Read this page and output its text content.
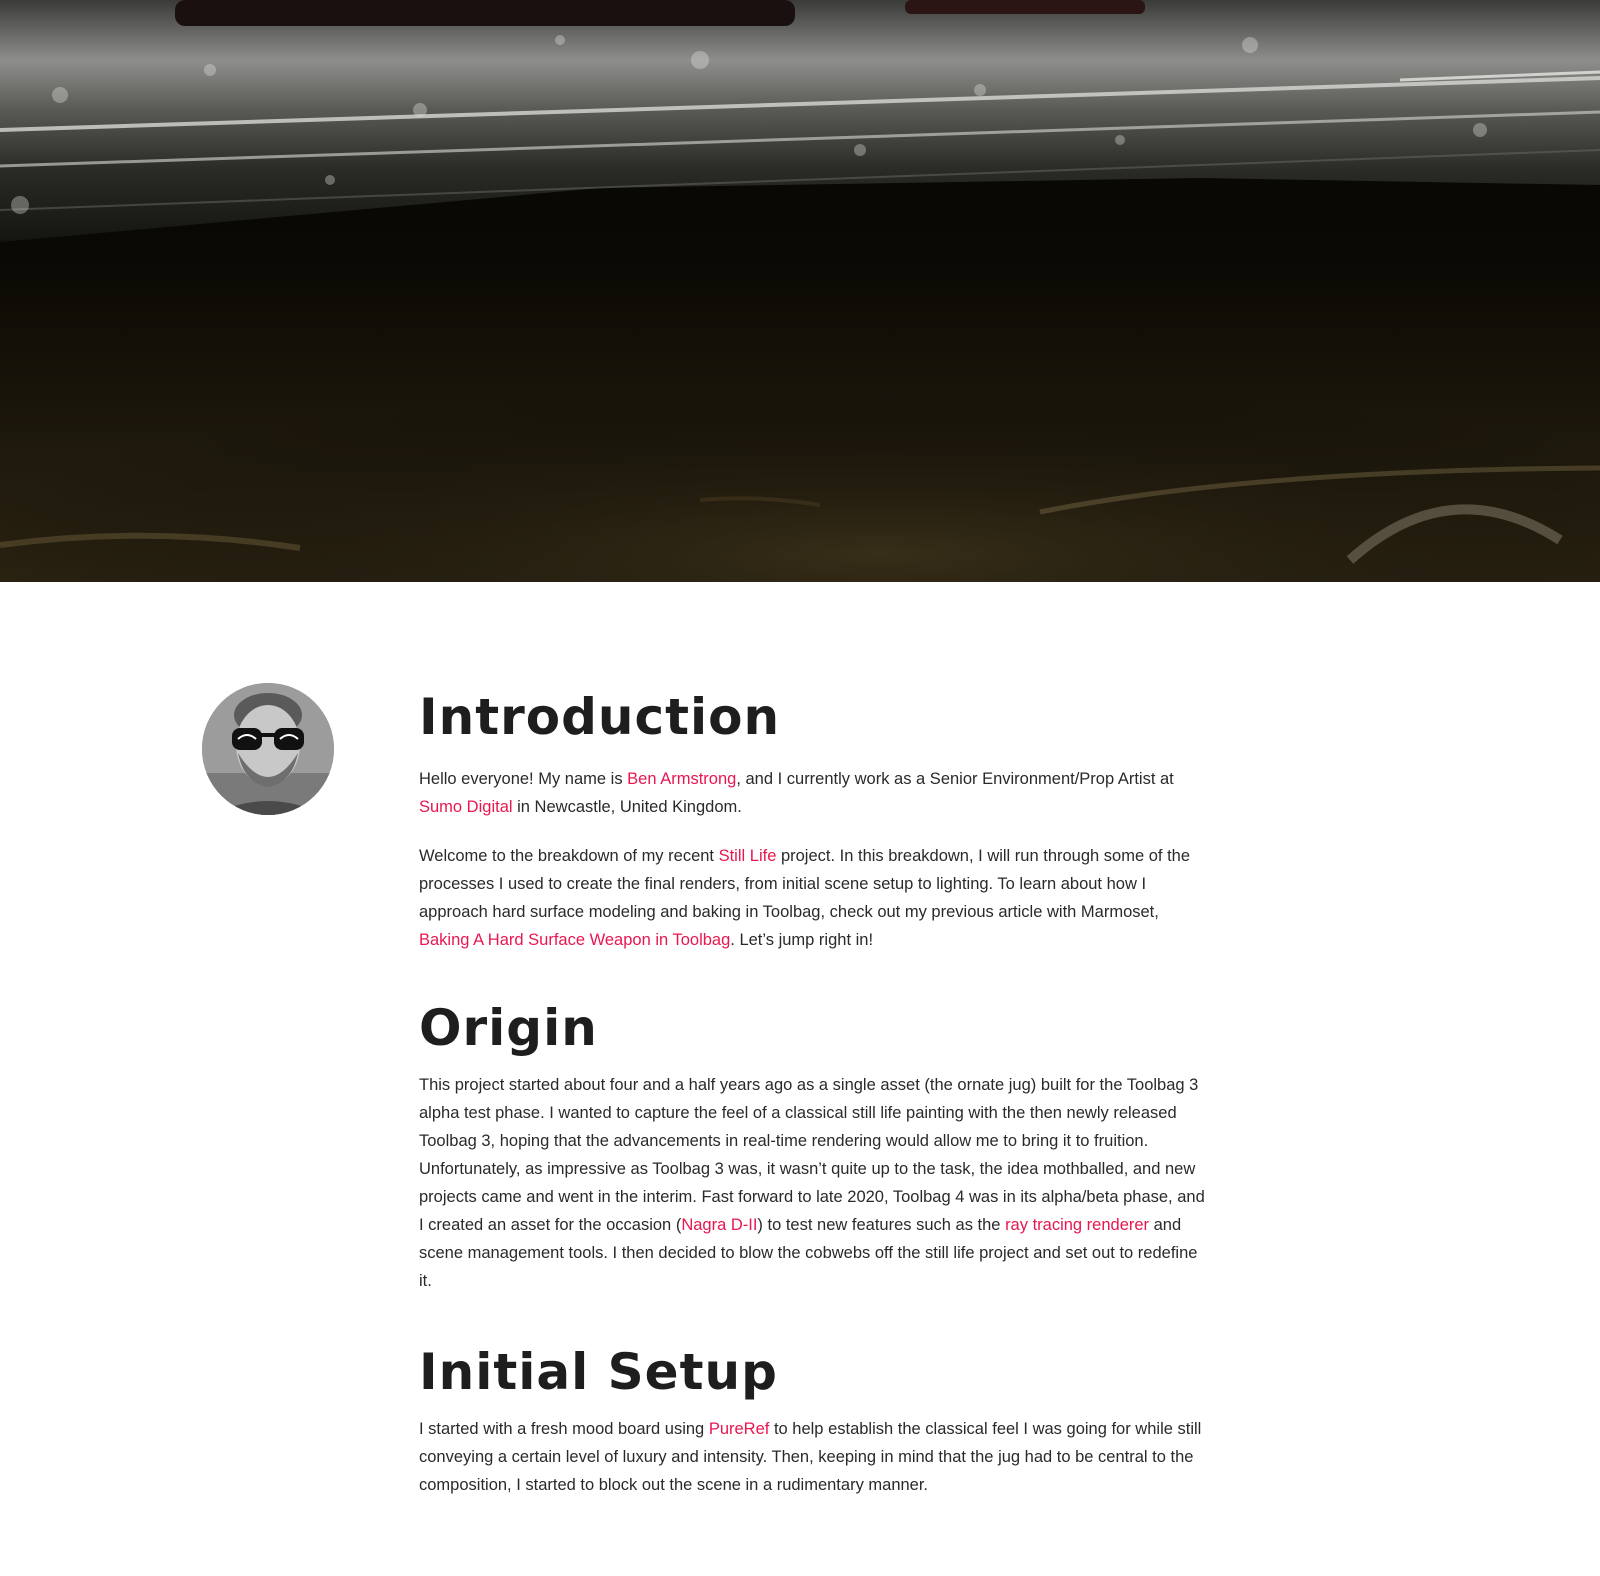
Introduction

Hello everyone! My name is Ben Armstrong, and I currently work as a Senior Environment/Prop Artist at Sumo Digital in Newcastle, United Kingdom.

Welcome to the breakdown of my recent Still Life project. In this breakdown, I will run through some of the processes I used to create the final renders, from initial scene setup to lighting. To learn about how I approach hard surface modeling and baking in Toolbag, check out my previous article with Marmoset, Baking A Hard Surface Weapon in Toolbag. Let’s jump right in!

Origin

This project started about four and a half years ago as a single asset (the ornate jug) built for the Toolbag 3 alpha test phase. I wanted to capture the feel of a classical still life painting with the then newly released Toolbag 3, hoping that the advancements in real-time rendering would allow me to bring it to fruition. Unfortunately, as impressive as Toolbag 3 was, it wasn’t quite up to the task, the idea mothballed, and new projects came and went in the interim. Fast forward to late 2020, Toolbag 4 was in its alpha/beta phase, and I created an asset for the occasion (Nagra D-II) to test new features such as the ray tracing renderer and scene management tools. I then decided to blow the cobwebs off the still life project and set out to redefine it.

Initial Setup

I started with a fresh mood board using PureRef to help establish the classical feel I was going for while still conveying a certain level of luxury and intensity. Then, keeping in mind that the jug had to be central to the composition, I started to block out the scene in a rudimentary manner.
